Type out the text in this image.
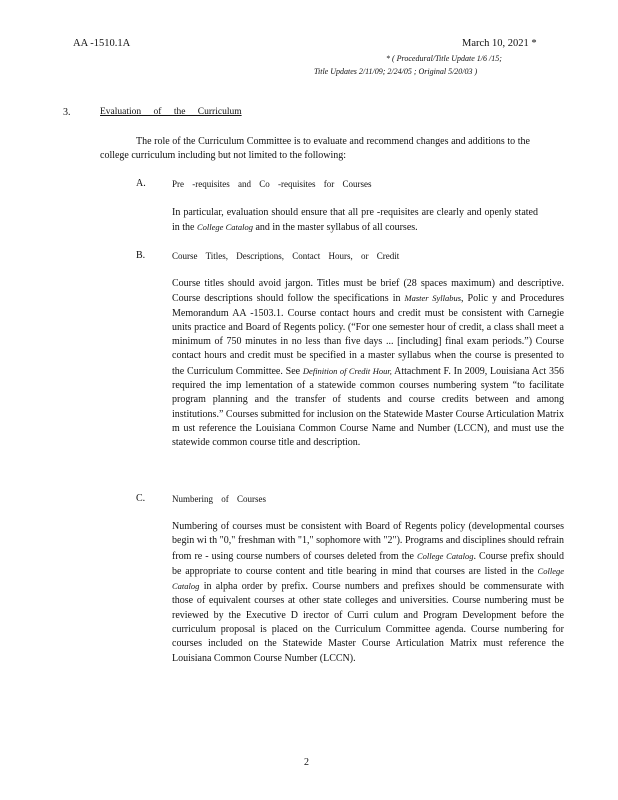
AA -1510.1A	March 10, 2021 *
* ( Procedural/Title Update 1/6 /15;
Title Updates 2/11/09; 2/24/05 ; Original 5/20/03 )
3.	Evaluation of the Curriculum
The role of the Curriculum Committee is to evaluate and recommend changes and additions to the college curriculum including but not limited to the following:
A.	Pre -requisites and Co -requisites for Courses
In particular, evaluation should ensure that all pre -requisites are clearly and openly stated in the College Catalog and in the master syllabus of all courses.
B.	Course Titles, Descriptions, Contact Hours, or Credit
Course titles should avoid jargon. Titles must be brief (28 spaces maximum) and descriptive. Course descriptions should follow the specifications in Master Syllabus, Polic y and Procedures Memorandum AA -1503.1. Course contact hours and credit must be consistent with Carnegie units practice and Board of Regents policy. (“For one semester hour of credit, a class shall meet a minimum of 750 minutes in no less than five days ... [including] final exam periods.”) Course contact hours and credit must be specified in a master syllabus when the course is presented to the Curriculum Committee. See Definition of Credit Hour, Attachment F. In 2009, Louisiana Act 356 required the imp lementation of a statewide common courses numbering system “to facilitate program planning and the transfer of students and course credits between and among institutions.” Courses submitted for inclusion on the Statewide Master Course Articulation Matrix m ust reference the Louisiana Common Course Name and Number (LCCN), and must use the statewide common course title and description.
C.	Numbering of Courses
Numbering of courses must be consistent with Board of Regents policy (developmental courses begin wi th "0," freshman with "1," sophomore with "2"). Programs and disciplines should refrain from re - using course numbers of courses deleted from the College Catalog. Course prefix should be appropriate to course content and title bearing in mind that courses are listed in the College Catalog in alpha order by prefix. Course numbers and prefixes should be commensurate with those of equivalent courses at other state colleges and universities. Course numbering must be reviewed by the Executive D irector of Curri culum and Program Development before the curriculum proposal is placed on the Curriculum Committee agenda. Course numbering for courses included on the Statewide Master Course Articulation Matrix must reference the Louisiana Common Course Number (LCCN).
2
